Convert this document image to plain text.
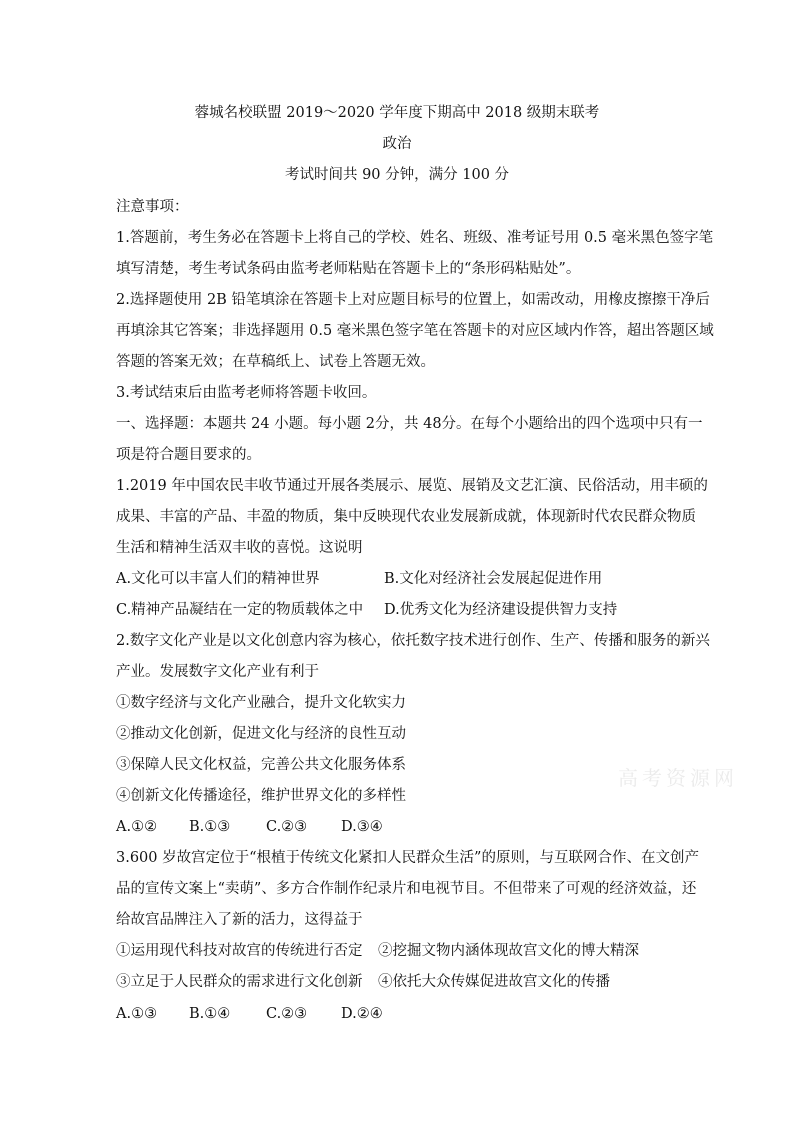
蓉城名校联盟 2019～2020 学年度下期高中 2018 级期末联考
政治
考试时间共 90 分钟，满分 100 分
注意事项：
1.答题前，考生务必在答题卡上将自己的学校、姓名、班级、准考证号用 0.5 毫米黑色签字笔
填写清楚，考生考试条码由监考老师粘贴在答题卡上的“条形码粘贴处”。
2.选择题使用 2B 铅笔填涂在答题卡上对应题目标号的位置上，如需改动，用橡皮擦擦干净后
再填涂其它答案；非选择题用 0.5 毫米黑色签字笔在答题卡的对应区域内作答，超出答题区域
答题的答案无效；在草稿纸上、试卷上答题无效。
3.考试结束后由监考老师将答题卡收回。
一、选择题：本题共 24 小题。每小题 2分，共 48分。在每个小题给出的四个选项中只有一
项是符合题目要求的。
1.2019 年中国农民丰收节通过开展各类展示、展览、展销及文艺汇演、民俗活动，用丰硕的
成果、丰富的产品、丰盈的物质，集中反映现代农业发展新成就，体现新时代农民群众物质
生活和精神生活双丰收的喜悦。这说明
A.文化可以丰富人们的精神世界	B.文化对经济社会发展起促进作用
C.精神产品凝结在一定的物质载体之中 D.优秀文化为经济建设提供智力支持
2.数字文化产业是以文化创意内容为核心，依托数字技术进行创作、生产、传播和服务的新兴
产业。发展数字文化产业有利于
①数字经济与文化产业融合，提升文化软实力
②推动文化创新，促进文化与经济的良性互动
③保障人民文化权益，完善公共文化服务体系
④创新文化传播途径，维护世界文化的多样性
A.①② B.①③ C.②③ D.③④
3.600 岁故宫定位于“根植于传统文化紧扣人民群众生活”的原则，与互联网合作、在文创产
品的宣传文案上“卖萌”、多方合作制作纪录片和电视节目。不但带来了可观的经济效益，还
给故宫品牌注入了新的活力，这得益于
①运用现代科技对故宫的传统进行否定 ②挖掘文物内涵体现故宫文化的博大精深
③立足于人民群众的需求进行文化创新 ④依托大众传媒促进故宫文化的传播
A.①③ B.①④ C.②③ D.②④
高考资源网
